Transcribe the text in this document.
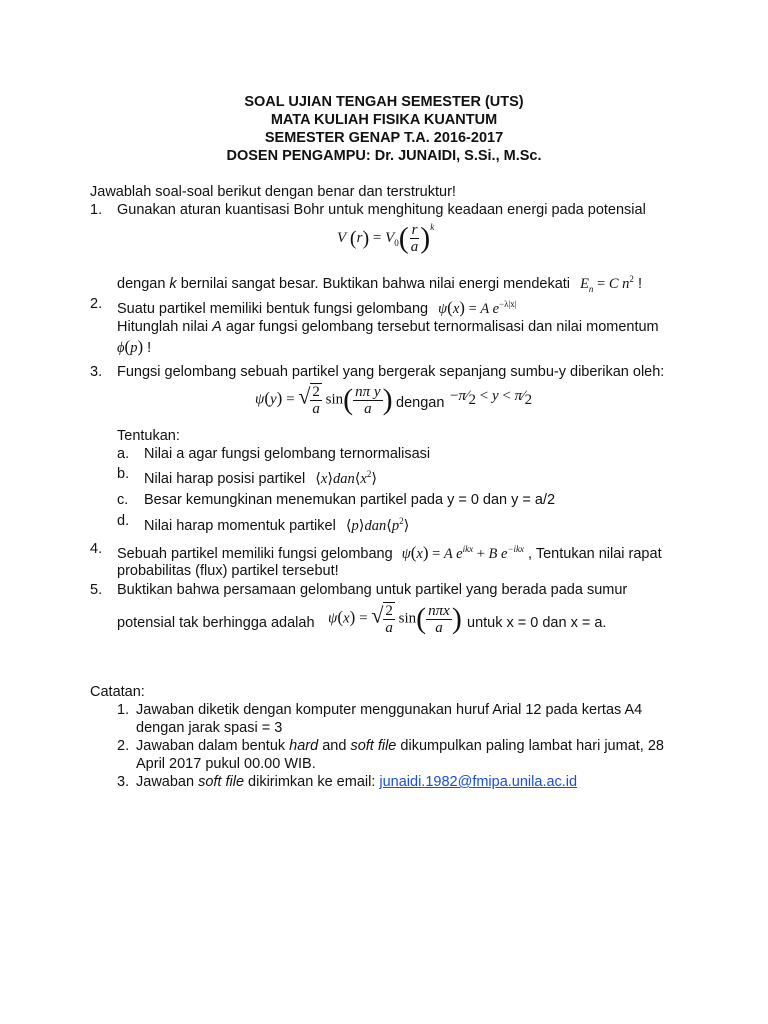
SOAL UJIAN TENGAH SEMESTER (UTS)
MATA KULIAH FISIKA KUANTUM
SEMESTER GENAP T.A. 2016-2017
DOSEN PENGAMPU: Dr. JUNAIDI, S.Si., M.Sc.
Jawablah soal-soal berikut dengan benar dan terstruktur!
1. Gunakan aturan kuantisasi Bohr untuk menghitung keadaan energi pada potensial
V $(r) = V_0( \frac{r}{a} )^k$
dengan k bernilai sangat besar. Buktikan bahwa nilai energi mendekati $E_n = C$ $n^2$ !
2. Suatu partikel memiliki bentuk fungsi gelombang ψ(x) = A $e^{-\lambda|x|}$
Hitunglah nilai A agar fungsi gelombang tersebut ternormalisasi dan nilai momentum
ϕ(p) !
3. Fungsi gelombang sebuah partikel yang bergerak sepanjang sumbu-y diberikan oleh:
ψ(y) = √ $\frac{2}{a} \sin( \frac{\text{nπ y}}{a}$ ) dengan −π⁄2 < y < π⁄2
Tentukan:
a. Nilai a agar fungsi gelombang ternormalisasi
b. Nilai harap posisi partikel $⟨x⟩dan⟨x^2⟩$
c. Besar kemungkinan menemukan partikel pada y = 0 dan y = a/2
d. Nilai harap momentuk partikel $⟨p⟩dan⟨p^2⟩$
4. Sebuah partikel memiliki fungsi gelombang ψ(x) = A $e^{ikx} + B$ $e^{-ikx}$ , Tentukan nilai rapat
probabilitas (flux) partikel tersebut!
5. Buktikan bahwa persamaan gelombang untuk partikel yang berada pada sumur
potensial tak berhingga adalah ψ(x) = √ $\frac{2}{a} \sin( \frac{\text{nπx}}{a}$ ) untuk x = 0 dan x = a.
Catatan:
1. Jawaban diketik dengan komputer menggunakan huruf Arial 12 pada kertas A4
dengan jarak spasi = 3
2. Jawaban dalam bentuk hard and soft file dikumpulkan paling lambat hari jumat, 28
April 2017 pukul 00.00 WIB.
3. Jawaban soft file dikirimkan ke email: junaidi.1982@fmipa.unila.ac.id
